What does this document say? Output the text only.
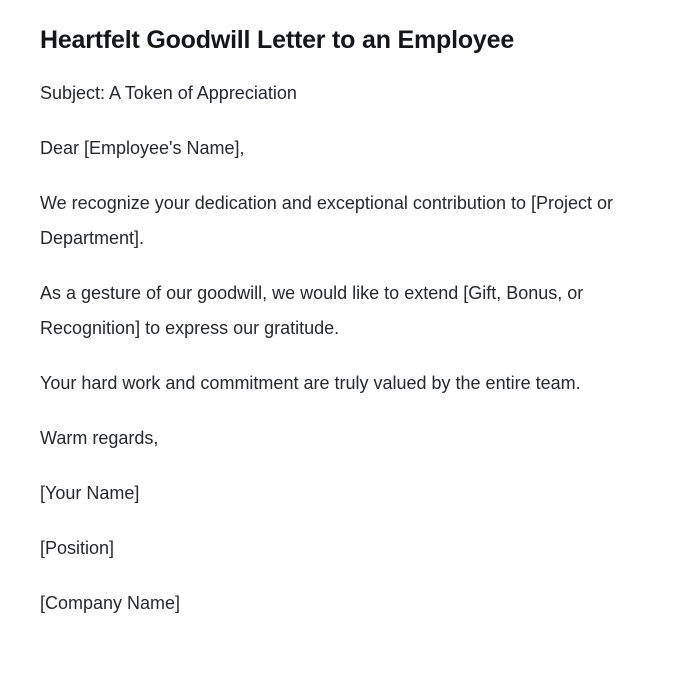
Heartfelt Goodwill Letter to an Employee

Subject: A Token of Appreciation

Dear [Employee's Name],

We recognize your dedication and exceptional contribution to [Project or Department].

As a gesture of our goodwill, we would like to extend [Gift, Bonus, or Recognition] to express our gratitude.

Your hard work and commitment are truly valued by the entire team.

Warm regards,

[Your Name]

[Position]

[Company Name]
